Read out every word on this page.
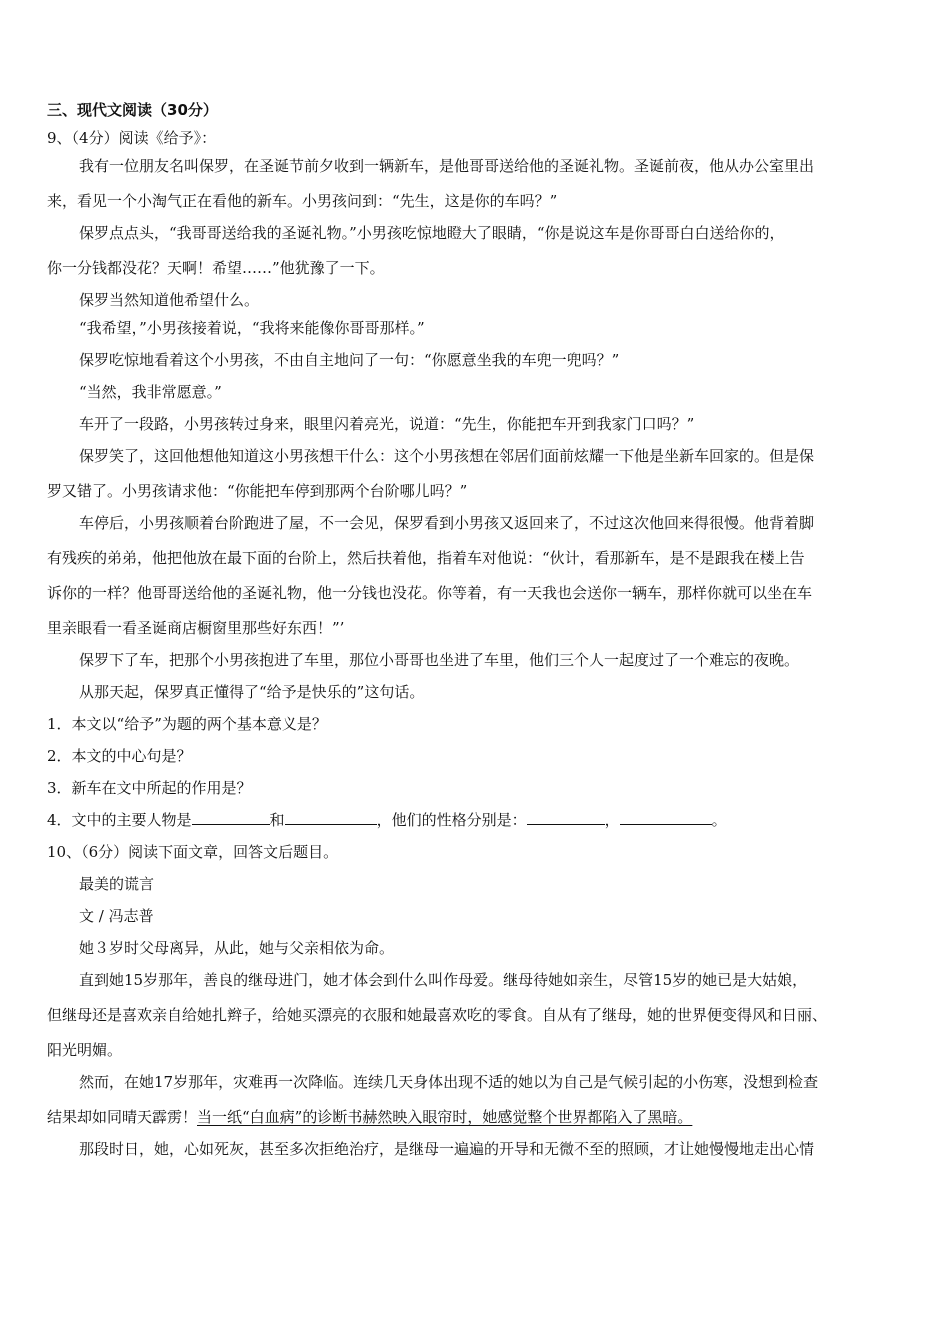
三、现代文阅读（30分）
9、（4分）阅读《给予》：
我有一位朋友名叫保罗，在圣诞节前夕收到一辆新车，是他哥哥送给他的圣诞礼物。圣诞前夜，他从办公室里出
来，看见一个小淘气正在看他的新车。小男孩问到：“先生，这是你的车吗？”
保罗点点头，“我哥哥送给我的圣诞礼物。”小男孩吃惊地瞪大了眼睛，“你是说这车是你哥哥白白送给你的，
你一分钱都没花？天啊！希望……”他犹豫了一下。
保罗当然知道他希望什么。
“我希望，”小男孩接着说，“我将来能像你哥哥那样。”
保罗吃惊地看着这个小男孩，不由自主地问了一句：“你愿意坐我的车兜一兜吗？”
“当然，我非常愿意。”
车开了一段路，小男孩转过身来，眼里闪着亮光，说道：“先生，你能把车开到我家门口吗？”
保罗笑了，这回他想他知道这小男孩想干什么：这个小男孩想在邻居们面前炫耀一下他是坐新车回家的。但是保
罗又错了。小男孩请求他：“你能把车停到那两个台阶哪儿吗？”
车停后，小男孩顺着台阶跑进了屋，不一会见，保罗看到小男孩又返回来了，不过这次他回来得很慢。他背着脚
有残疾的弟弟，他把他放在最下面的台阶上，然后扶着他，指着车对他说：“伙计，看那新车，是不是跟我在楼上告
诉你的一样？他哥哥送给他的圣诞礼物，他一分钱也没花。你等着，有一天我也会送你一辆车，那样你就可以坐在车
里亲眼看一看圣诞商店橱窗里那些好东西！”’
保罗下了车，把那个小男孩抱进了车里，那位小哥哥也坐进了车里，他们三个人一起度过了一个难忘的夜晚。
从那天起，保罗真正懂得了“给予是快乐的”这句话。
1．本文以“给予”为题的两个基本意义是？
2．本文的中心句是？
3．新车在文中所起的作用是？
4．文中的主要人物是	和	，他们的性格分别是：	，	。
10、（6分）阅读下面文章，回答文后题目。
最美的谎言
文 / 冯志普
她３岁时父母离异，从此，她与父亲相依为命。
直到她15岁那年，善良的继母进门，她才体会到什么叫作母爱。继母待她如亲生，尽管15岁的她已是大姑娘，
但继母还是喜欢亲自给她扎辫子，给她买漂亮的衣服和她最喜欢吃的零食。自从有了继母，她的世界便变得风和日丽、
阳光明媚。
然而，在她17岁那年，灾难再一次降临。连续几天身体出现不适的她以为自己是气候引起的小伤寒，没想到检查
结果却如同晴天霹雳！当一纸“白血病”的诊断书赫然映入眼帘时，她感觉整个世界都陷入了黑暗。
那段时日，她，心如死灰，甚至多次拒绝治疗，是继母一遍遍的开导和无微不至的照顾，才让她慢慢地走出心情
